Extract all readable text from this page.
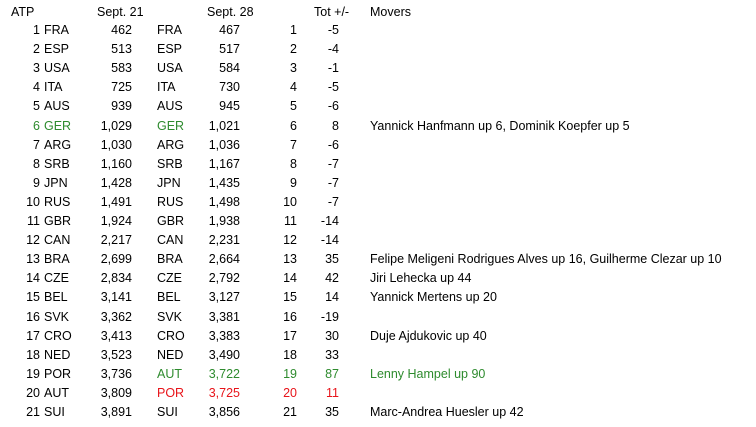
ATP	Sept. 21	Sept. 28	Tot +/- Movers
1 FRA	462 FRA	467	1	-5
2 ESP	513 ESP	517	2	-4
3 USA	583 USA	584	3	-1
4 ITA	725 ITA	730	4	-5
5 AUS	939 AUS	945	5	-6
6 GER	1,029 GER	1,021	6	8 Yannick Hanfmann up 6, Dominik Koepfer up 5
7 ARG	1,030 ARG	1,036	7	-6
8 SRB	1,160 SRB	1,167	8	-7
9 JPN	1,428 JPN	1,435	9	-7
10 RUS	1,491 RUS	1,498	10	-7
11 GBR	1,924 GBR	1,938	11	-14
12 CAN	2,217 CAN	2,231	12	-14
13 BRA	2,699 BRA	2,664	13	35 Felipe Meligeni Rodrigues Alves up 16, Guilherme Clezar up 10
14 CZE	2,834 CZE	2,792	14	42 Jiri Lehecka up 44
15 BEL	3,141 BEL	3,127	15	14 Yannick Mertens up 20
16 SVK	3,362 SVK	3,381	16	-19
17 CRO	3,413 CRO	3,383	17	30 Duje Ajdukovic up 40
18 NED	3,523 NED	3,490	18	33
19 POR	3,736 AUT	3,722	19	87 Lenny Hampel up 90
20 AUT	3,809 POR	3,725	20	11
21 SUI	3,891 SUI	3,856	21	35 Marc-Andrea Huesler up 42
